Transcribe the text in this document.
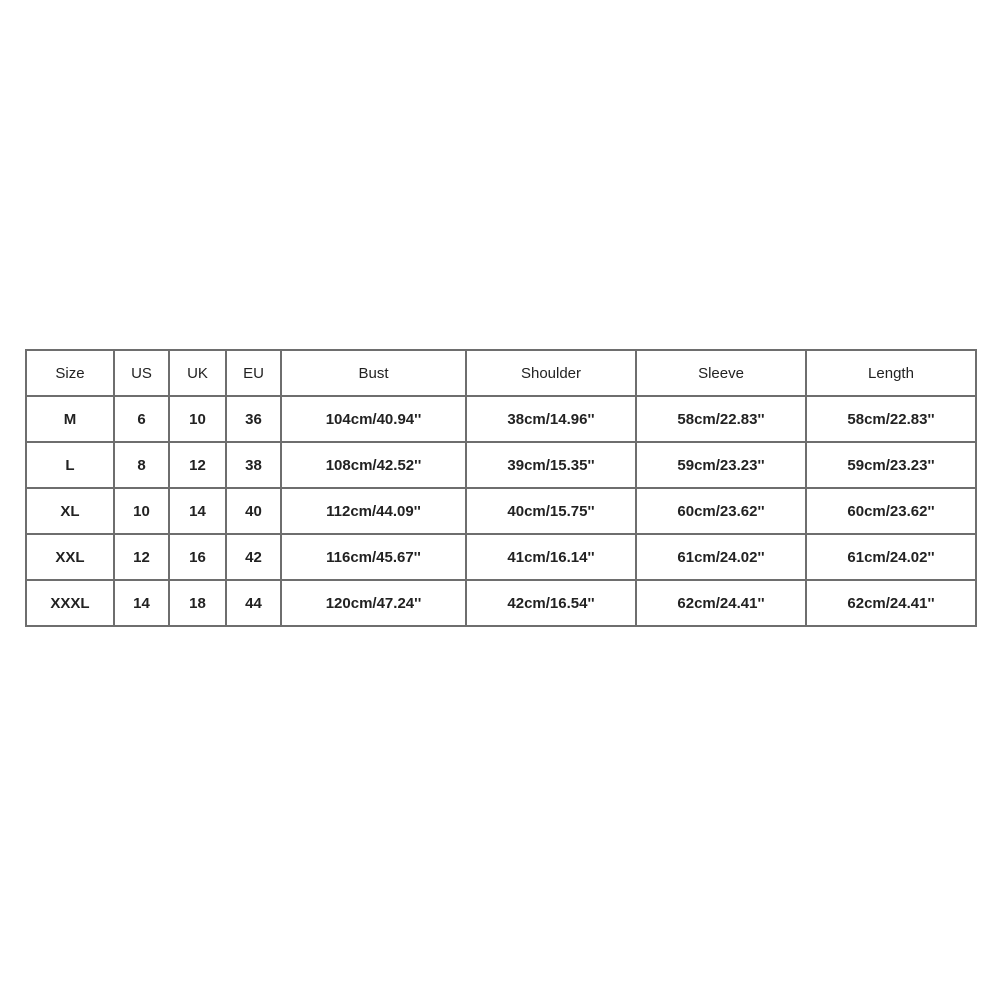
Size	US	UK	EU	Bust	Shoulder	Sleeve	Length
M	6	10	36	104cm/40.94''	38cm/14.96''	58cm/22.83''	58cm/22.83''
L	8	12	38	108cm/42.52''	39cm/15.35''	59cm/23.23''	59cm/23.23''
XL	10	14	40	112cm/44.09''	40cm/15.75''	60cm/23.62''	60cm/23.62''
XXL	12	16	42	116cm/45.67''	41cm/16.14''	61cm/24.02''	61cm/24.02''
XXXL	14	18	44	120cm/47.24''	42cm/16.54''	62cm/24.41''	62cm/24.41''
